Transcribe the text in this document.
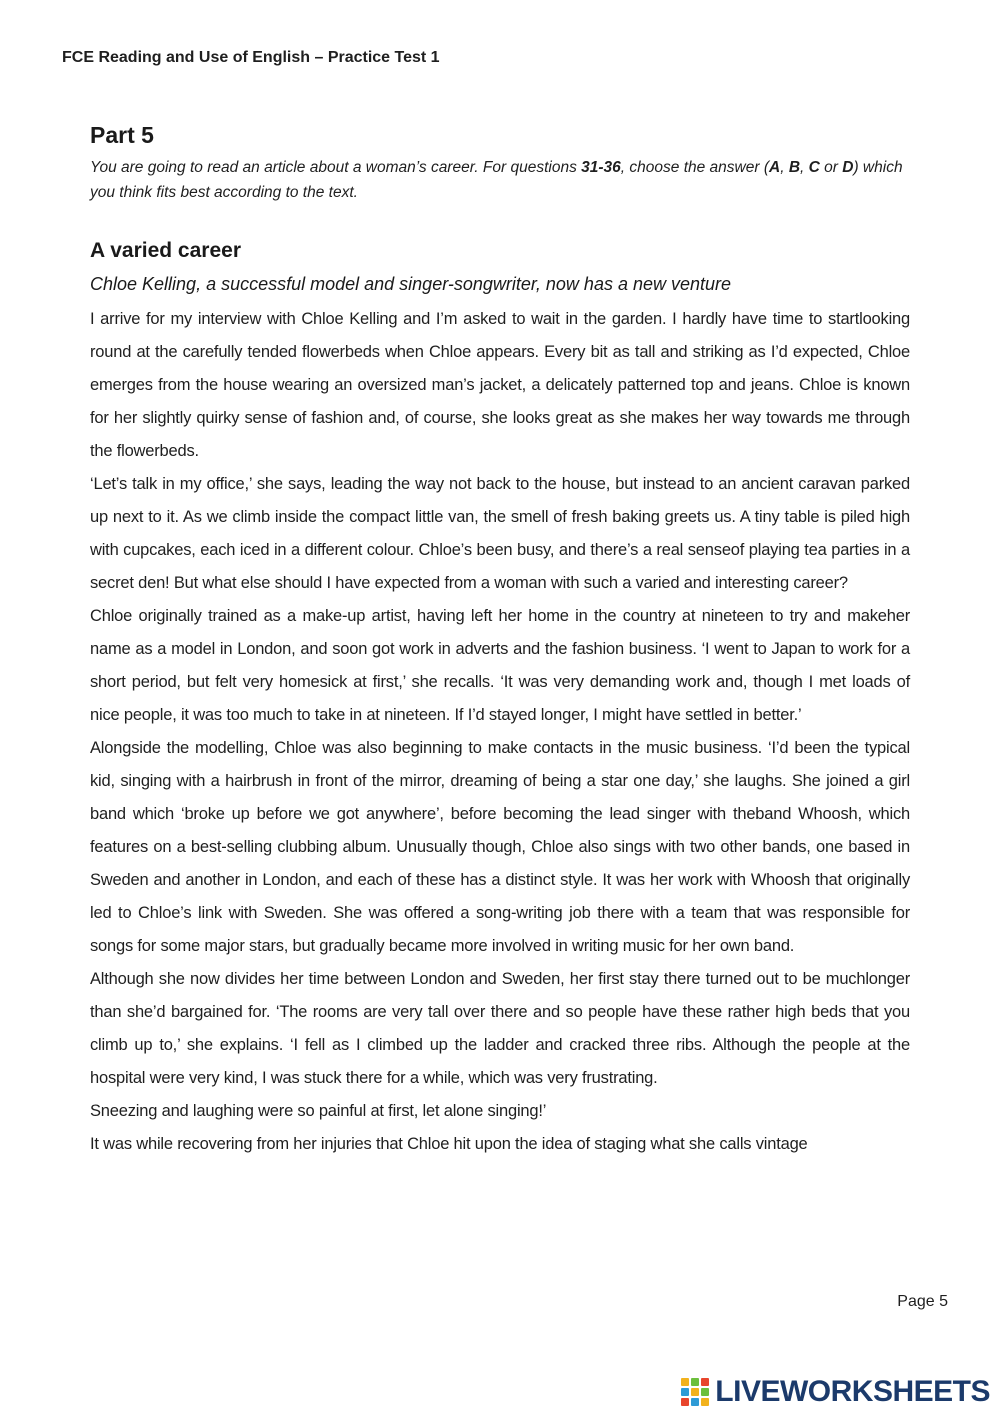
FCE Reading and Use of English – Practice Test 1
Part 5

You are going to read an article about a woman’s career. For questions 31-36, choose the answer (A, B, C or D) which you think fits best according to the text.

A varied career

Chloe Kelling, a successful model and singer-songwriter, now has a new venture

I arrive for my interview with Chloe Kelling and I’m asked to wait in the garden. I hardly have time to startlooking round at the carefully tended flowerbeds when Chloe appears. Every bit as tall and striking as I’d expected, Chloe emerges from the house wearing an oversized man’s jacket, a delicately patterned top and jeans. Chloe is known for her slightly quirky sense of fashion and, of course, she looks great as she makes her way towards me through the flowerbeds.

‘Let’s talk in my office,’ she says, leading the way not back to the house, but instead to an ancient caravan parked up next to it. As we climb inside the compact little van, the smell of fresh baking greets us. A tiny table is piled high with cupcakes, each iced in a different colour. Chloe’s been busy, and there’s a real senseof playing tea parties in a secret den! But what else should I have expected from a woman with such a varied and interesting career?

Chloe originally trained as a make-up artist, having left her home in the country at nineteen to try and makeher name as a model in London, and soon got work in adverts and the fashion business. ‘I went to Japan to work for a short period, but felt very homesick at first,’ she recalls. ‘It was very demanding work and, though I met loads of nice people, it was too much to take in at nineteen. If I’d stayed longer, I might have settled in better.’

Alongside the modelling, Chloe was also beginning to make contacts in the music business. ‘I’d been the typical kid, singing with a hairbrush in front of the mirror, dreaming of being a star one day,’ she laughs. She joined a girl band which ‘broke up before we got anywhere’, before becoming the lead singer with theband Whoosh, which features on a best-selling clubbing album. Unusually though, Chloe also sings with two other bands, one based in Sweden and another in London, and each of these has a distinct style. It was her work with Whoosh that originally led to Chloe’s link with Sweden. She was offered a song-writing job there with a team that was responsible for songs for some major stars, but gradually became more involved in writing music for her own band.

Although she now divides her time between London and Sweden, her first stay there turned out to be muchlonger than she’d bargained for. ‘The rooms are very tall over there and so people have these rather high beds that you climb up to,’ she explains. ‘I fell as I climbed up the ladder and cracked three ribs. Although the people at the hospital were very kind, I was stuck there for a while, which was very frustrating.

Sneezing and laughing were so painful at first, let alone singing!’

It was while recovering from her injuries that Chloe hit upon the idea of staging what she calls vintage

Page 5
LIVEWORKSHEETS
